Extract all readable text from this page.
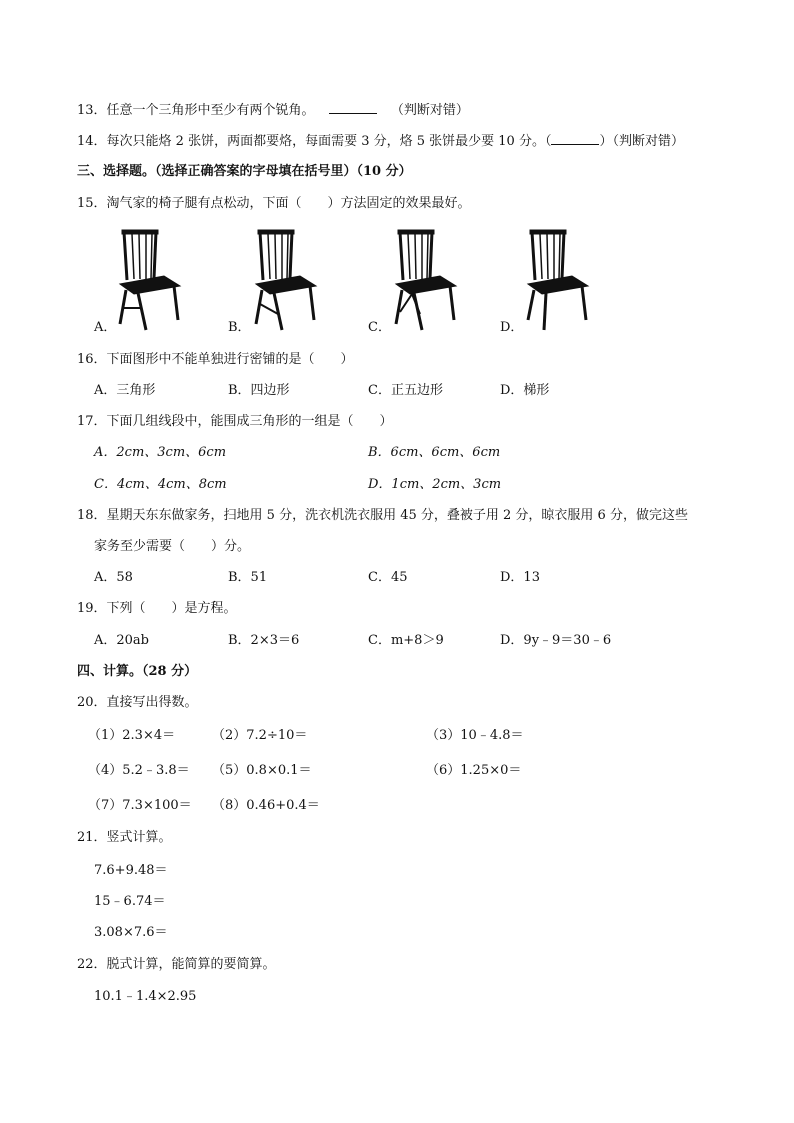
13．任意一个三角形中至少有两个锐角。	（判断对错）
14．每次只能烙 2 张饼，两面都要烙，每面需要 3 分，烙 5 张饼最少要 10 分。（	）（判断对错）
三、选择题。（选择正确答案的字母填在括号里）（10 分）
15．淘气家的椅子腿有点松动，下面（　　）方法固定的效果最好。
A．	B．	C．	D．
16．下面图形中不能单独进行密铺的是（　　）
A．三角形	B．四边形	C．正五边形	D．梯形
17．下面几组线段中，能围成三角形的一组是（　　）
A．2cm、3cm、6cm	B．6cm、6cm、6cm
C．4cm、4cm、8cm	D．1cm、2cm、3cm
18．星期天东东做家务，扫地用 5 分，洗衣机洗衣服用 45 分，叠被子用 2 分，晾衣服用 6 分，做完这些
家务至少需要（　　）分。
A．58	B．51	C．45	D．13
19．下列（　　）是方程。
A．20ab	B．2×3＝6	C．m+8＞9	D．9y﹣9＝30﹣6
四、计算。（28 分）
20．直接写出得数。
（1）2.3×4＝	（2）7.2÷10＝	（3）10﹣4.8＝
（4）5.2﹣3.8＝ （5）0.8×0.1＝	（6）1.25×0＝
（7）7.3×100＝ （8）0.46+0.4＝
21．竖式计算。
7.6+9.48＝
15﹣6.74＝
3.08×7.6＝
22．脱式计算，能简算的要简算。
10.1﹣1.4×2.95
